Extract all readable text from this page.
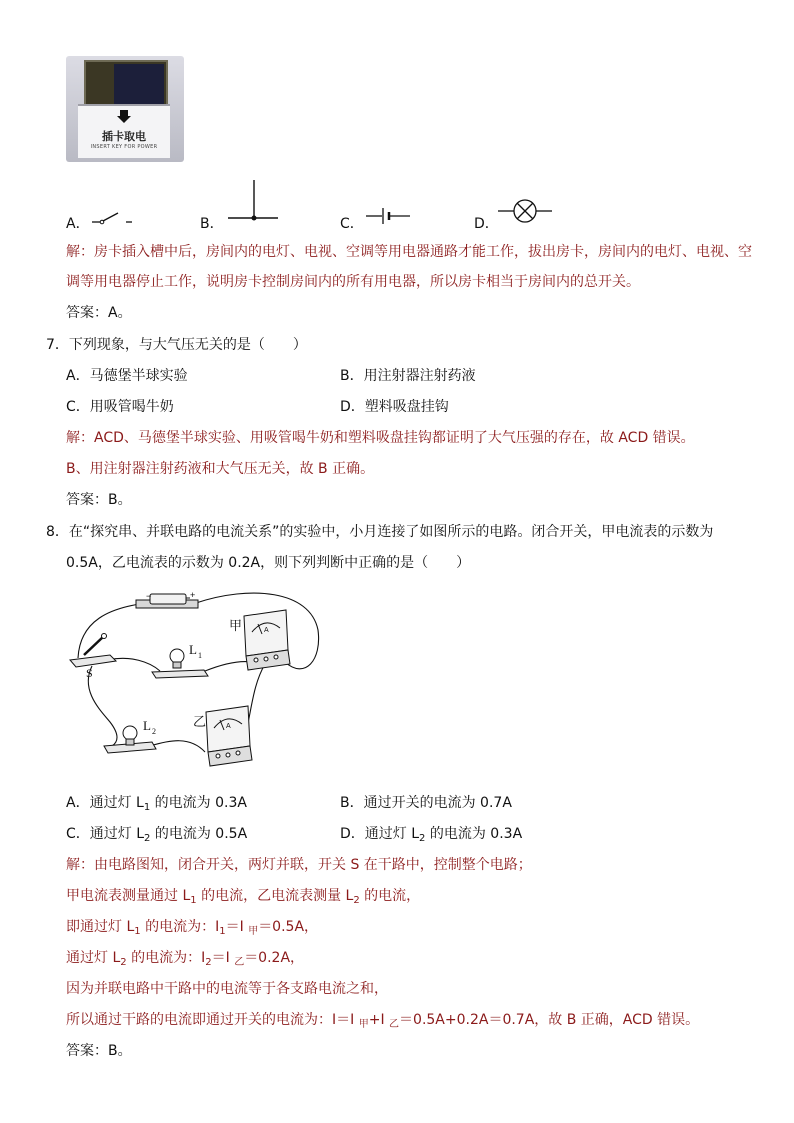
插卡取电
INSERT KEY FOR POWER
A．	B．	C．	D．
解：房卡插入槽中后，房间内的电灯、电视、空调等用电器通路才能工作，拔出房卡，房间内的电灯、电视、空
调等用电器停止工作，说明房卡控制房间内的所有用电器，所以房卡相当于房间内的总开关。
答案：A。
7．下列现象，与大气压无关的是（　　）
A．马德堡半球实验	B．用注射器注射药液
C．用吸管喝牛奶	D．塑料吸盘挂钩
解：ACD、马德堡半球实验、用吸管喝牛奶和塑料吸盘挂钩都证明了大气压强的存在，故 ACD 错误。
B、用注射器注射药液和大气压无关，故 B 正确。
答案：B。
8．在“探究串、并联电路的电流关系”的实验中，小月连接了如图所示的电路。闭合开关，甲电流表的示数为
0.5A，乙电流表的示数为 0.2A，则下列判断中正确的是（　　）
−	+
甲
乙
A
A
S
L 1
L 2
A．通过灯 $L_1$ 的电流为 0.3A	B．通过开关的电流为 0.7A
C．通过灯 $L_2$ 的电流为 0.5A	D．通过灯 $L_2$ 的电流为 0.3A
解：由电路图知，闭合开关，两灯并联，开关 S 在干路中，控制整个电路；
甲电流表测量通过 $L_1$ 的电流，乙电流表测量 $L_2$ 的电流，
即通过灯 $L_1$ 的电流为：$I_1=I$ $_甲$＝0.5A，
通过灯 $L_2$ 的电流为：$I_2=I$ $_乙$＝0.2A，
因为并联电路中干路中的电流等于各支路电流之和，
所以通过干路的电流即通过开关的电流为：I＝I $_甲$+I $_乙$＝0.5A+0.2A＝0.7A，故 B 正确，ACD 错误。
答案：B。
